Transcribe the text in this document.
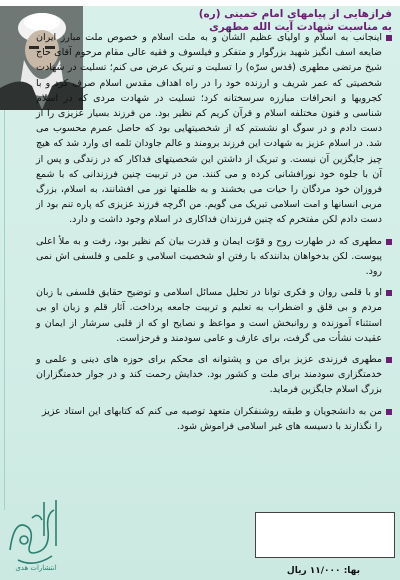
فرازهایی از پیامهای امام خمینی (ره)
به مناسبت شهادت آیت الله مطهری
اینجانب به اسلام و اولیای عظیم الشأن و به ملت اسلام و خصوص ملت مبارز ایران ضایعه اسف انگیز شهید بزرگوار و متفکر و فیلسوف و فقیه عالی مقام مرحوم آقای حاج شیخ مرتضی مطهری (قدس سرّه) را تسلیت و تبریک عرض می کنم؛ تسلیت در شهادت شخصیتی که عمر شریف و ارزنده خود را در راه اهداف مقدس اسلام صرف کرد و با کجرویها و انحرافات مبارزه سرسختانه کرد؛ تسلیت در شهادت مردی که در اسلام شناسی و فنون مختلفه اسلام و قرآن کریم کم نظیر بود. من فرزند بسیار عزیزی را از دست دادم و در سوگ او نشستم که از شخصیتهایی بود که حاصل عمرم محسوب می شد. در اسلام عزیز به شهادت این فرزند برومند و عالم جاودان ثلمه ای وارد شد که هیچ چیز جایگزین آن نیست. و تبریک از داشتن این شخصیتهای فداکار که در زندگی و پس از آن با جلوه خود نورافشانی کرده و می کنند. من در تربیت چنین فرزندانی که با شمع فروزان خود مردگان را حیات می بخشند و به ظلمتها نور می افشانند، به اسلام، بزرگ مربی انسانها و امت اسلامی تبریک می گویم. من اگرچه فرزند عزیزی که پاره تنم بود از دست دادم لکن مفتخرم که چنین فرزندان فداکاری در اسلام وجود داشت و دارد.
مطهری که در طهارت روح و قوّت ایمان و قدرت بیان کم نظیر بود، رفت و به ملأ اعلی پیوست. لکن بدخواهان بدانندکه با رفتن او شخصیت اسلامی و علمی و فلسفی اش نمی رود.
او با قلمی روان و فکری توانا در تحلیل مسائل اسلامی و توضیح حقایق فلسفی با زبان مردم و بی قلق و اضطراب به تعلیم و تربیت جامعه پرداخت. آثار قلم و زبان او بی استثناء آموزنده و روانبخش است و مواعظ و نصایح او که از قلبی سرشار از ایمان و عقیدت نشأت می گرفت، برای عارف و عامی سودمند و فرحزاست.
مطهری فرزندی عزیز برای من و پشتوانه ای محکم برای حوزه های دینی و علمی و خدمتگزاری سودمند برای ملت و کشور بود. خدایش رحمت کند و در جوار خدمتگزاران بزرگ اسلام جایگزین فرماید.
من به دانشجویان و طبقه روشنفکران متعهد توصیه می کنم که کتابهای این استاد عزیز را نگذارند با دسیسه های غیر اسلامی فراموش شود.
انتشارات هدی	بها: ۱۱/۰۰۰ ریال
